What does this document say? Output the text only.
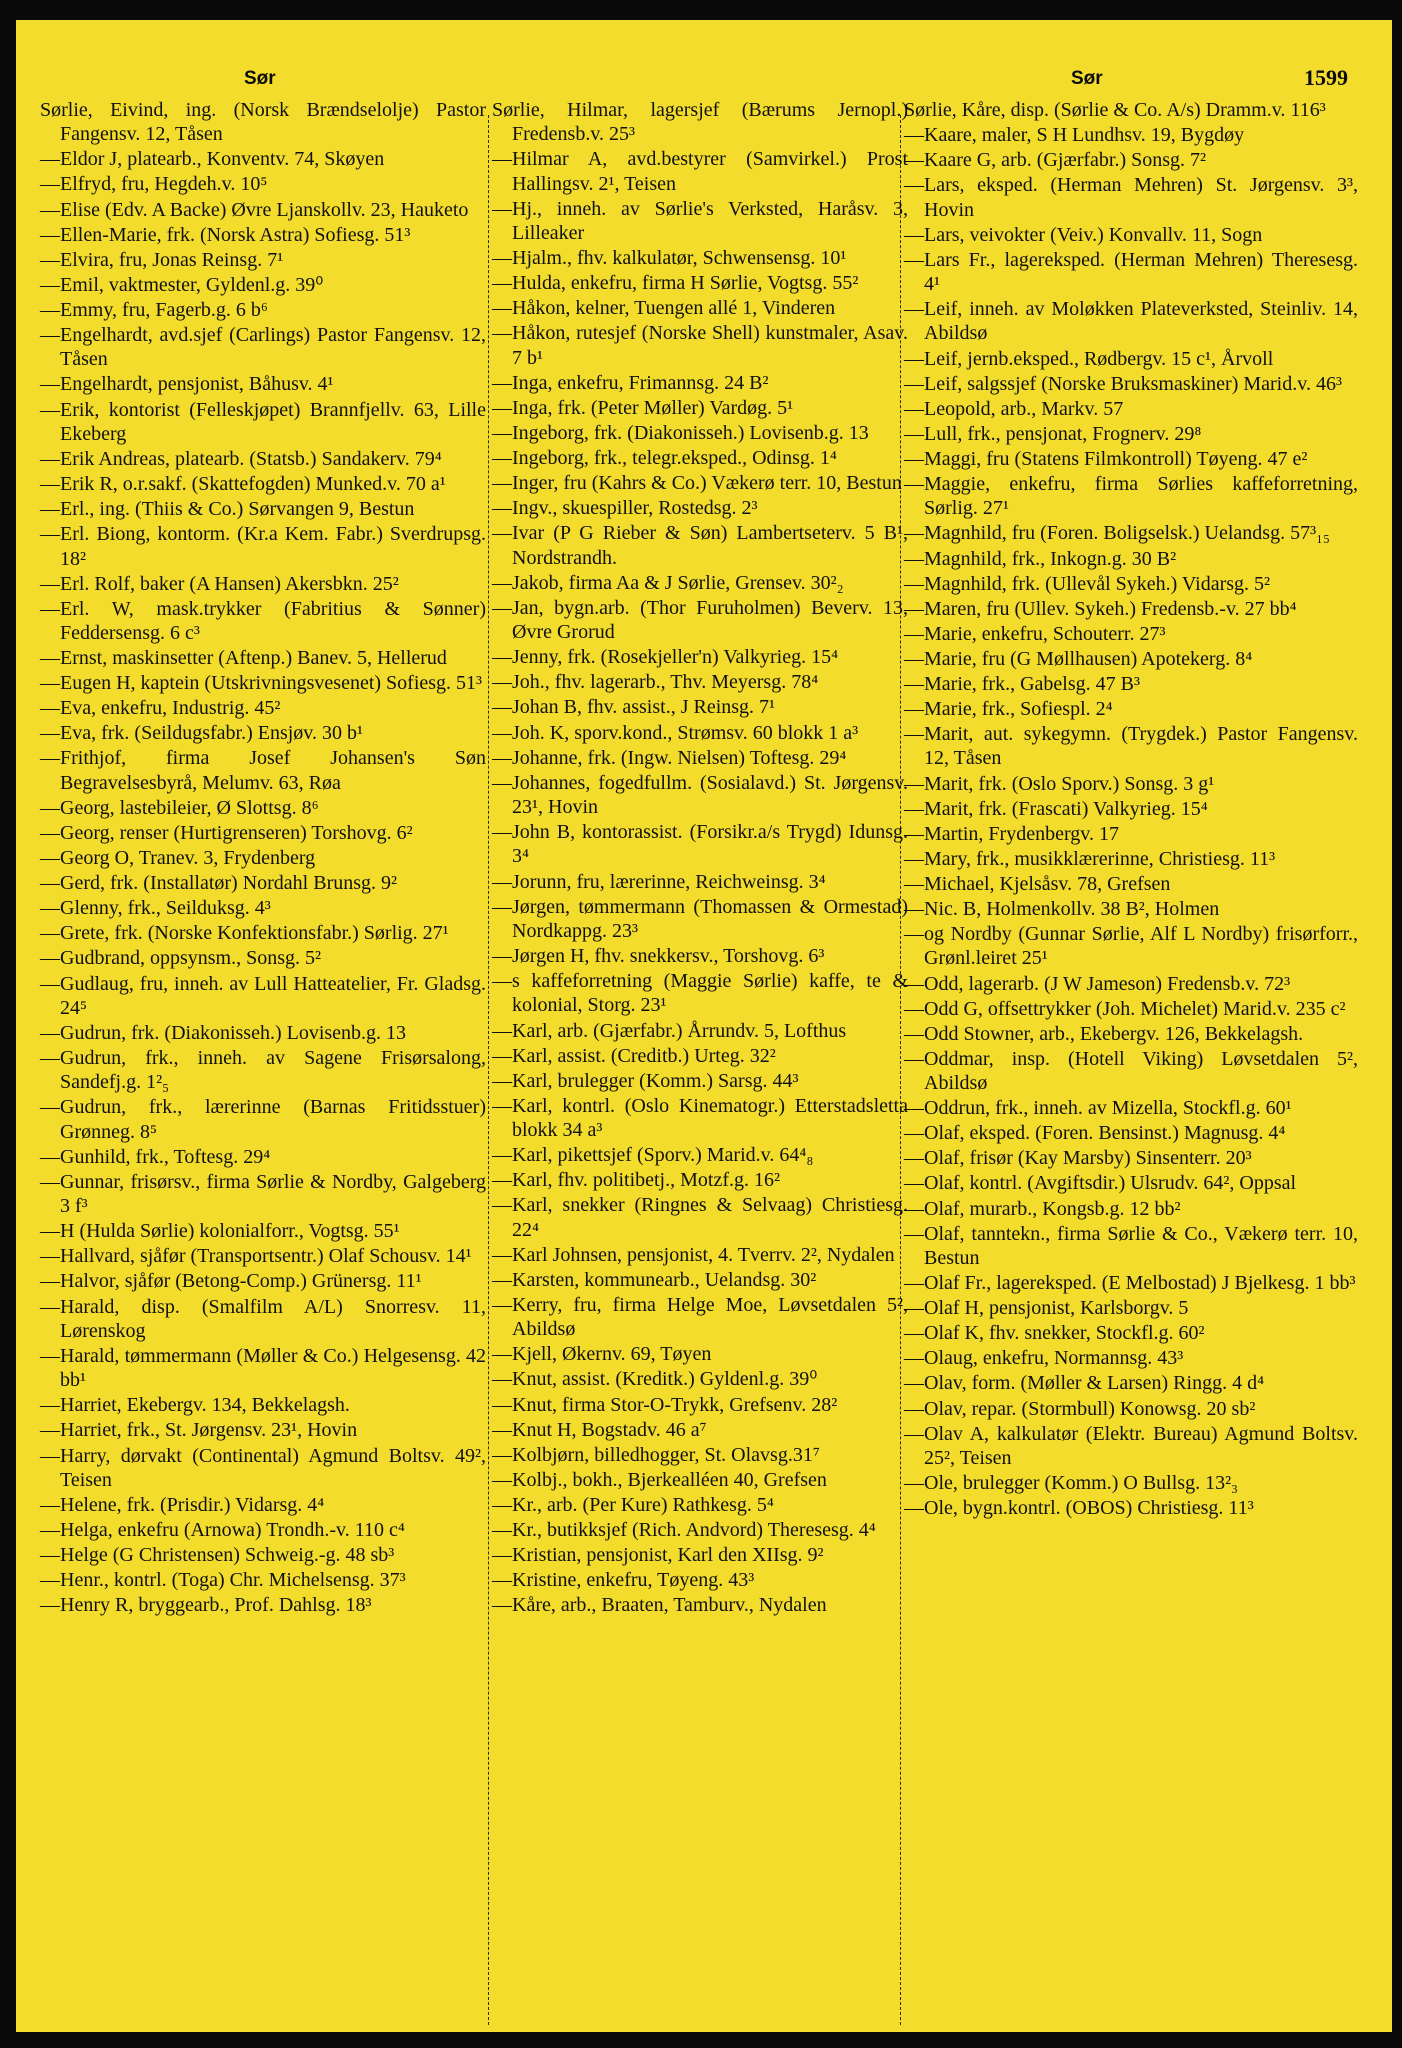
Sør	Sør	1599

Sørlie, Eivind, ing. (Norsk Brændselolje) Pastor Fangensv. 12, Tåsen

—Eldor J, platearb., Konventv. 74, Skøyen

—Elfryd, fru, Hegdeh.v. 10⁵

—Elise (Edv. A Backe) Øvre Ljanskollv. 23, Hauketo

—Ellen-Marie, frk. (Norsk Astra) Sofiesg. 51³

—Elvira, fru, Jonas Reinsg. 7¹

—Emil, vaktmester, Gyldenl.g. 39⁰

—Emmy, fru, Fagerb.g. 6 b⁶

—Engelhardt, avd.sjef (Carlings) Pastor Fangensv. 12, Tåsen

—Engelhardt, pensjonist, Båhusv. 4¹

—Erik, kontorist (Felleskjøpet) Brannfjellv. 63, Lille Ekeberg

—Erik Andreas, platearb. (Statsb.) Sandakerv. 79⁴

—Erik R, o.r.sakf. (Skattefogden) Munked.v. 70 a¹

—Erl., ing. (Thiis & Co.) Sørvangen 9, Bestun

—Erl. Biong, kontorm. (Kr.a Kem. Fabr.) Sverdrupsg. 18²

—Erl. Rolf, baker (A Hansen) Akersbkn. 25²

—Erl. W, mask.trykker (Fabritius & Sønner) Feddersensg. 6 c³

—Ernst, maskinsetter (Aftenp.) Banev. 5, Hellerud

—Eugen H, kaptein (Utskrivningsvesenet) Sofiesg. 51³

—Eva, enkefru, Industrig. 45²

—Eva, frk. (Seildugsfabr.) Ensjøv. 30 b¹

—Frithjof, firma Josef Johansen's Søn Begravelsesbyrå, Melumv. 63, Røa

—Georg, lastebileier, Ø Slottsg. 8⁶

—Georg, renser (Hurtigrenseren) Torshovg. 6²

—Georg O, Tranev. 3, Frydenberg

—Gerd, frk. (Installatør) Nordahl Brunsg. 9²

—Glenny, frk., Seilduksg. 4³

—Grete, frk. (Norske Konfektionsfabr.) Sørlig. 27¹

—Gudbrand, oppsynsm., Sonsg. 5²

—Gudlaug, fru, inneh. av Lull Hatteatelier, Fr. Gladsg. 24⁵

—Gudrun, frk. (Diakonisseh.) Lovisenb.g. 13

—Gudrun, frk., inneh. av Sagene Frisørsalong, Sandefj.g. 1²₅

—Gudrun, frk., lærerinne (Barnas Fritidsstuer) Grønneg. 8⁵

—Gunhild, frk., Toftesg. 29⁴

—Gunnar, frisørsv., firma Sørlie & Nordby, Galgeberg 3 f³

—H (Hulda Sørlie) kolonialforr., Vogtsg. 55¹

—Hallvard, sjåfør (Transportsentr.) Olaf Schousv. 14¹

—Halvor, sjåfør (Betong-Comp.) Grünersg. 11¹

—Harald, disp. (Smalfilm A/L) Snorresv. 11, Lørenskog

—Harald, tømmermann (Møller & Co.) Helgesensg. 42 bb¹

—Harriet, Ekebergv. 134, Bekkelagsh.

—Harriet, frk., St. Jørgensv. 23¹, Hovin

—Harry, dørvakt (Continental) Agmund Boltsv. 49², Teisen

—Helene, frk. (Prisdir.) Vidarsg. 4⁴

—Helga, enkefru (Arnowa) Trondh.-v. 110 c⁴

—Helge (G Christensen) Schweig.-g. 48 sb³

—Henr., kontrl. (Toga) Chr. Michelsensg. 37³

—Henry R, bryggearb., Prof. Dahlsg. 18³

Sørlie, Hilmar, lagersjef (Bærums Jernopl.) Fredensb.v. 25³

—Hilmar A, avd.bestyrer (Samvirkel.) Prost Hallingsv. 2¹, Teisen

—Hj., inneh. av Sørlie's Verksted, Haråsv. 3, Lilleaker

—Hjalm., fhv. kalkulatør, Schwensensg. 10¹

—Hulda, enkefru, firma H Sørlie, Vogtsg. 55²

—Håkon, kelner, Tuengen allé 1, Vinderen

—Håkon, rutesjef (Norske Shell) kunstmaler, Asav. 7 b¹

—Inga, enkefru, Frimannsg. 24 B²

—Inga, frk. (Peter Møller) Vardøg. 5¹

—Ingeborg, frk. (Diakonisseh.) Lovisenb.g. 13

—Ingeborg, frk., telegr.eksped., Odinsg. 1⁴

—Inger, fru (Kahrs & Co.) Vækerø terr. 10, Bestun

—Ingv., skuespiller, Rostedsg. 2³

—Ivar (P G Rieber & Søn) Lambertseterv. 5 B¹, Nordstrandh.

—Jakob, firma Aa & J Sørlie, Grensev. 30²₂

—Jan, bygn.arb. (Thor Furuholmen) Beverv. 13, Øvre Grorud

—Jenny, frk. (Rosekjeller'n) Valkyrieg. 15⁴

—Joh., fhv. lagerarb., Thv. Meyersg. 78⁴

—Johan B, fhv. assist., J Reinsg. 7¹

—Joh. K, sporv.kond., Strømsv. 60 blokk 1 a³

—Johanne, frk. (Ingw. Nielsen) Toftesg. 29⁴

—Johannes, fogedfullm. (Sosialavd.) St. Jørgensv. 23¹, Hovin

—John B, kontorassist. (Forsikr.a/s Trygd) Idunsg. 3⁴

—Jorunn, fru, lærerinne, Reichweinsg. 3⁴

—Jørgen, tømmermann (Thomassen & Ormestad) Nordkappg. 23³

—Jørgen H, fhv. snekkersv., Torshovg. 6³

—s kaffeforretning (Maggie Sørlie) kaffe, te & kolonial, Storg. 23¹

—Karl, arb. (Gjærfabr.) Årrundv. 5, Lofthus

—Karl, assist. (Creditb.) Urteg. 32²

—Karl, brulegger (Komm.) Sarsg. 44³

—Karl, kontrl. (Oslo Kinematogr.) Etterstadsletta blokk 34 a³

—Karl, pikettsjef (Sporv.) Marid.v. 64⁴₈

—Karl, fhv. politibetj., Motzf.g. 16²

—Karl, snekker (Ringnes & Selvaag) Christiesg. 22⁴

—Karl Johnsen, pensjonist, 4. Tverrv. 2², Nydalen

—Karsten, kommunearb., Uelandsg. 30²

—Kerry, fru, firma Helge Moe, Løvsetdalen 5², Abildsø

—Kjell, Økernv. 69, Tøyen

—Knut, assist. (Kreditk.) Gyldenl.g. 39⁰

—Knut, firma Stor-O-Trykk, Grefsenv. 28²

—Knut H, Bogstadv. 46 a⁷

—Kolbjørn, billedhogger, St. Olavsg.31⁷

—Kolbj., bokh., Bjerkealléen 40, Grefsen

—Kr., arb. (Per Kure) Rathkesg. 5⁴

—Kr., butikksjef (Rich. Andvord) Theresesg. 4⁴

—Kristian, pensjonist, Karl den XIIsg. 9²

—Kristine, enkefru, Tøyeng. 43³

—Kåre, arb., Braaten, Tamburv., Nydalen

Sørlie, Kåre, disp. (Sørlie & Co. A/s) Dramm.v. 116³

—Kaare, maler, S H Lundhsv. 19, Bygdøy

—Kaare G, arb. (Gjærfabr.) Sonsg. 7²

—Lars, eksped. (Herman Mehren) St. Jørgensv. 3³, Hovin

—Lars, veivokter (Veiv.) Konvallv. 11, Sogn

—Lars Fr., lagereksped. (Herman Mehren) Theresesg. 4¹

—Leif, inneh. av Moløkken Plateverksted, Steinliv. 14, Abildsø

—Leif, jernb.eksped., Rødbergv. 15 c¹, Årvoll

—Leif, salgssjef (Norske Bruksmaskiner) Marid.v. 46³

—Leopold, arb., Markv. 57

—Lull, frk., pensjonat, Frognerv. 29⁸

—Maggi, fru (Statens Filmkontroll) Tøyeng. 47 e²

—Maggie, enkefru, firma Sørlies kaffeforretning, Sørlig. 27¹

—Magnhild, fru (Foren. Boligselsk.) Uelandsg. 57³₁₅

—Magnhild, frk., Inkogn.g. 30 B²

—Magnhild, frk. (Ullevål Sykeh.) Vidarsg. 5²

—Maren, fru (Ullev. Sykeh.) Fredensb.-v. 27 bb⁴

—Marie, enkefru, Schouterr. 27³

—Marie, fru (G Møllhausen) Apotekerg. 8⁴

—Marie, frk., Gabelsg. 47 B³

—Marie, frk., Sofiespl. 2⁴

—Marit, aut. sykegymn. (Trygdek.) Pastor Fangensv. 12, Tåsen

—Marit, frk. (Oslo Sporv.) Sonsg. 3 g¹

—Marit, frk. (Frascati) Valkyrieg. 15⁴

—Martin, Frydenbergv. 17

—Mary, frk., musikklærerinne, Christiesg. 11³

—Michael, Kjelsåsv. 78, Grefsen

—Nic. B, Holmenkollv. 38 B², Holmen

—og Nordby (Gunnar Sørlie, Alf L Nordby) frisørforr., Grønl.leiret 25¹

—Odd, lagerarb. (J W Jameson) Fredensb.v. 72³

—Odd G, offsettrykker (Joh. Michelet) Marid.v. 235 c²

—Odd Stowner, arb., Ekebergv. 126, Bekkelagsh.

—Oddmar, insp. (Hotell Viking) Løvsetdalen 5², Abildsø

—Oddrun, frk., inneh. av Mizella, Stockfl.g. 60¹

—Olaf, eksped. (Foren. Bensinst.) Magnusg. 4⁴

—Olaf, frisør (Kay Marsby) Sinsenterr. 20³

—Olaf, kontrl. (Avgiftsdir.) Ulsrudv. 64², Oppsal

—Olaf, murarb., Kongsb.g. 12 bb²

—Olaf, tanntekn., firma Sørlie & Co., Vækerø terr. 10, Bestun

—Olaf Fr., lagereksped. (E Melbostad) J Bjelkesg. 1 bb³

—Olaf H, pensjonist, Karlsborgv. 5

—Olaf K, fhv. snekker, Stockfl.g. 60²

—Olaug, enkefru, Normannsg. 43³

—Olav, form. (Møller & Larsen) Ringg. 4 d⁴

—Olav, repar. (Stormbull) Konowsg. 20 sb²

—Olav A, kalkulatør (Elektr. Bureau) Agmund Boltsv. 25², Teisen

—Ole, brulegger (Komm.) O Bullsg. 13²₃

—Ole, bygn.kontrl. (OBOS) Christiesg. 11³
